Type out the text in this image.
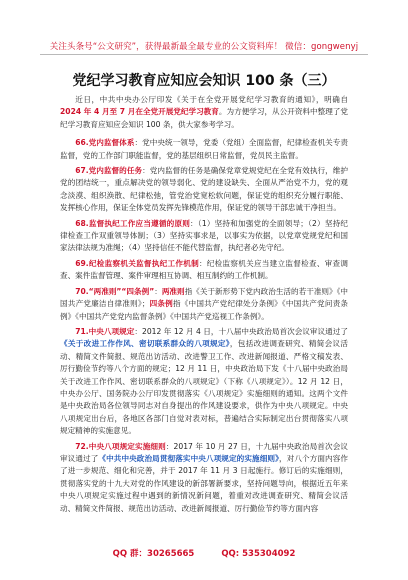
关注头条号“公文研究”，获得最新最全最专业的公文资料库！ 微信：gongwenyj
党纪学习教育应知应会知识 100 条（三）

近日，中共中央办公厅印发《关于在全党开展党纪学习教育的通知》，明确自 2024 年 4 月至 7 月在全党开展党纪学习教育。为方便学习，从公开资料中整理了党纪学习教育应知应会知识 100 条，供大家参考学习。

66.党内监督体系：党中央统一领导，党委（党组）全面监督，纪律检查机关专责监督，党的工作部门职能监督，党的基层组织日常监督，党员民主监督。

67.党内监督的任务：党内监督的任务是确保党章党规党纪在全党有效执行，维护党的团结统一，重点解决党的领导弱化、党的建设缺失、全面从严治党不力，党的观念淡漠、组织涣散、纪律松弛，管党治党宽松软问题，保证党的组织充分履行职能、发挥核心作用，保证全体党员发挥先锋模范作用，保证党的领导干部忠诚干净担当。

68.监督执纪工作应当遵循的原则：（1）坚持和加强党的全面领导；（2）坚持纪律检查工作双重领导体制；（3）坚持实事求是，以事实为依据，以党章党规党纪和国家法律法规为准绳；（4）坚持信任不能代替监督，执纪者必先守纪。

69.纪检监察机关监督执纪工作机制：纪检监察机关应当建立监督检查、审查调查、案件监督管理、案件审理相互协调、相互制约的工作机制。

70.“两准则”“四条例”：两准则指《关于新形势下党内政治生活的若干准则》《中国共产党廉洁自律准则》；四条例指《中国共产党纪律处分条例》《中国共产党问责条例》《中国共产党党内监督条例》《中国共产党巡视工作条例》。

71.中央八项规定：2012 年 12 月 4 日，十八届中央政治局首次会议审议通过了《关于改进工作作风、密切联系群众的八项规定》，包括改进调查研究、精简会议活动、精简文件简报、规范出访活动、改进警卫工作、改进新闻报道、严格文稿发表、厉行勤俭节约等八个方面的规定；12 月 11 日，中央政治局下发《十八届中央政治局关于改进工作作风、密切联系群众的八项规定》（下称《八项规定》）。12 月 12 日，中央办公厅、国务院办公厅印发贯彻落实《八项规定》实施细则的通知。这两个文件是中央政治局各位领导同志对自身提出的作风建设要求，供作为中央八项规定。中央八项规定出台后，各地区各部门自觉对表对标，普遍结合实际制定出台贯彻落实八项规定精神的实施意见。

72.中央八项规定实施细则：2017 年 10 月 27 日，十九届中央政治局首次会议审议通过了《中共中央政治局贯彻落实中央八项规定的实施细则》，对八个方面内容作了进一步规范、细化和完善，并于 2017 年 11 月 3 日起施行。修订后的实施细则，贯彻落实党的十九大对党的作风建设的新部署新要求，坚持问题导向，根据近五年来中央八项规定实施过程中遇到的新情况新问题，着重对改进调查研究、精简会议活动、精简文件简报、规范出访活动、改进新闻报道、厉行勤俭节约等方面内容

QQ 群：30265665	QQ: 535304092
